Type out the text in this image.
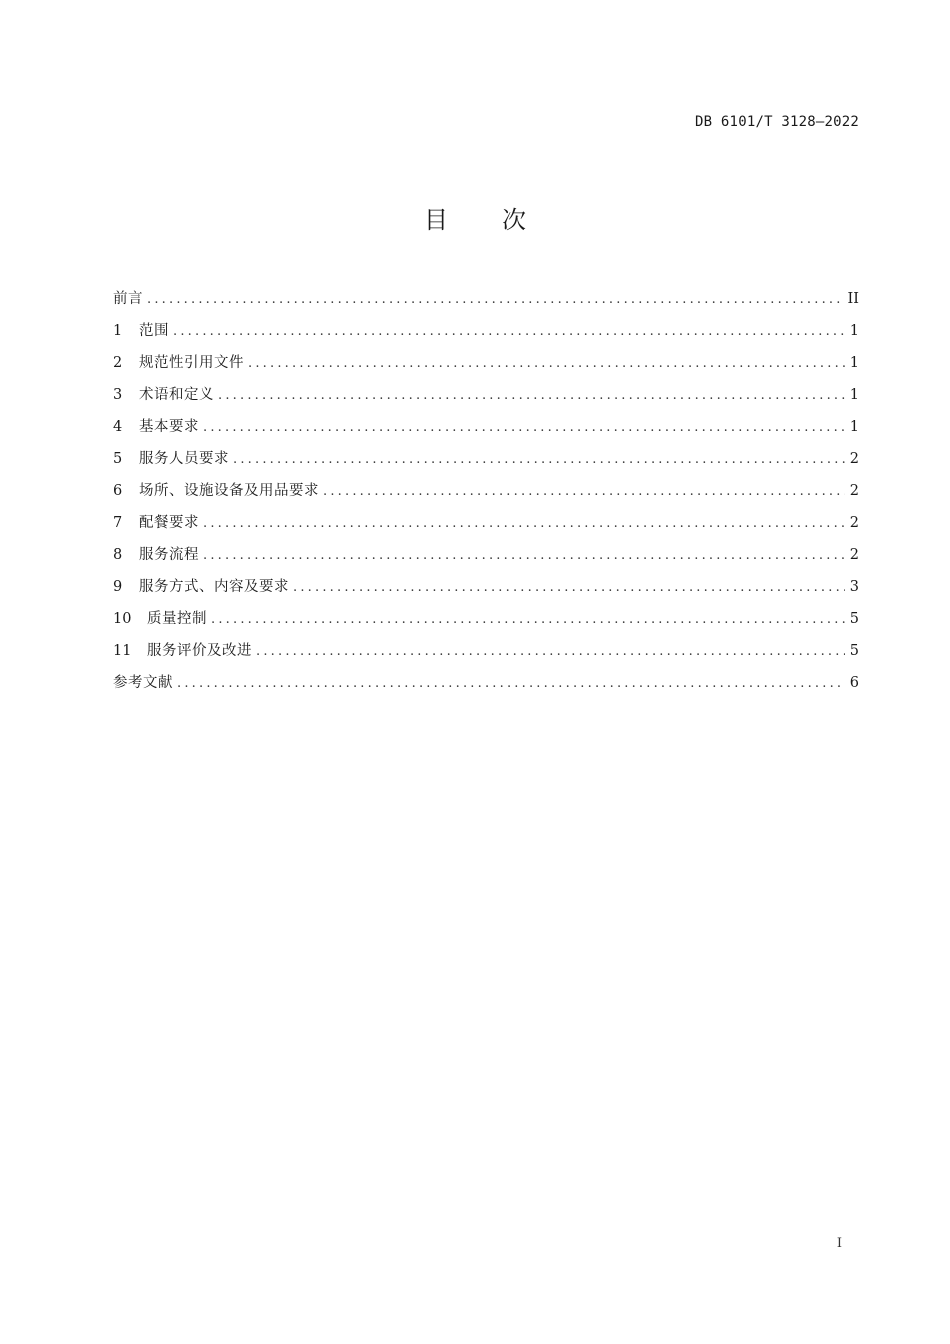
DB 6101/T 3128—2022
目次
前言 .....	II
1	范围 .....	1
2	规范性引用文件 .....	1
3	术语和定义 .....	1
4	基本要求 .....	1
5	服务人员要求 .....	2
6	场所、设施设备及用品要求 .....	2
7	配餐要求 .....	2
8	服务流程 .....	2
9	服务方式、内容及要求 .....	3
10	质量控制 .....	5
11	服务评价及改进 .....	5
参考文献 .....	6
I
